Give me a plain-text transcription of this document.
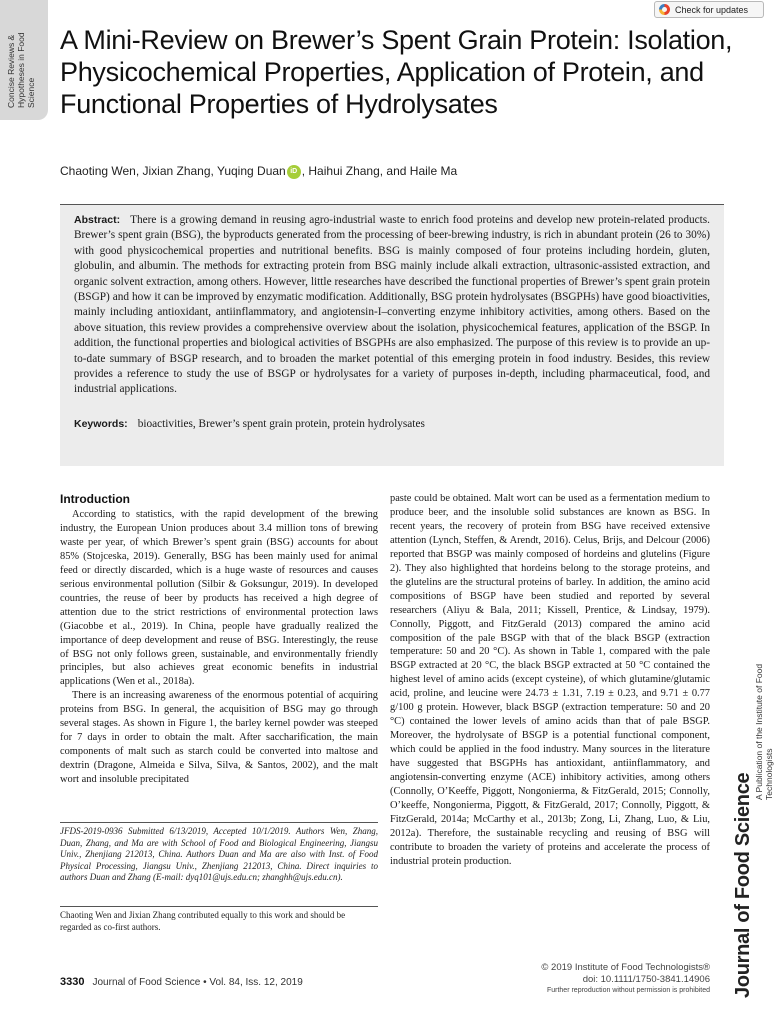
Concise Reviews & Hypotheses in Food Science
Check for updates
A Mini-Review on Brewer’s Spent Grain Protein: Isolation, Physicochemical Properties, Application of Protein, and Functional Properties of Hydrolysates
Chaoting Wen, Jixian Zhang, Yuqing Duan iD , Haihui Zhang, and Haile Ma

Abstract: There is a growing demand in reusing agro-industrial waste to enrich food proteins and develop new protein-related products. Brewer’s spent grain (BSG), the byproducts generated from the processing of beer-brewing industry, is rich in abundant protein (26 to 30%) with good physicochemical properties and nutritional benefits. BSG is mainly composed of four proteins including hordein, gluten, globulin, and albumin. The methods for extracting protein from BSG mainly include alkali extraction, ultrasonic-assisted extraction, and organic solvent extraction, among others. However, little researches have described the functional properties of Brewer’s spent grain protein (BSGP) and how it can be improved by enzymatic modification. Additionally, BSG protein hydrolysates (BSGPHs) have good bioactivities, mainly including antioxidant, antiinflammatory, and angiotensin-I–converting enzyme inhibitory activities, among others. Based on the above situation, this review provides a comprehensive overview about the isolation, physicochemical features, application of the BSGP. In addition, the functional properties and biological activities of BSGPHs are also emphasized. The purpose of this review is to provide an up-to-date summary of BSGP research, and to broaden the market potential of this emerging protein in food industry. Besides, this review provides a reference to study the use of BSGP or hydrolysates for a variety of purposes in-depth, including pharmaceutical, food, and industrial applications.

Keywords: bioactivities, Brewer’s spent grain protein, protein hydrolysates
Introduction

According to statistics, with the rapid development of the brewing industry, the European Union produces about 3.4 million tons of brewing waste per year, of which Brewer’s spent grain (BSG) accounts for about 85% (Stojceska, 2019). Generally, BSG has been mainly used for animal feed or directly discarded, which is a huge waste of resources and causes serious environmental pollution (Silbir & Goksungur, 2019). In developed countries, the reuse of beer by products has received a high degree of attention due to the strict restrictions of environmental protection laws (Giacobbe et al., 2019). In China, people have gradually realized the importance of deep development and reuse of BSG. Interestingly, the reuse of BSG not only follows green, sustainable, and environmentally friendly principles, but also achieves great economic benefits in industrial applications (Wen et al., 2018a).

There is an increasing awareness of the enormous potential of acquiring proteins from BSG. In general, the acquisition of BSG may go through several stages. As shown in Figure 1, the barley kernel powder was steeped for 7 days in order to obtain the malt. After saccharification, the main components of malt such as starch could be converted into maltose and dextrin (Dragone, Almeida e Silva, Silva, & Santos, 2002), and the malt wort and insoluble precipitated

paste could be obtained. Malt wort can be used as a fermentation medium to produce beer, and the insoluble solid substances are known as BSG. In recent years, the recovery of protein from BSG have received extensive attention (Lynch, Steffen, & Arendt, 2016). Celus, Brijs, and Delcour (2006) reported that BSGP was mainly composed of hordeins and glutelins (Figure 2). They also highlighted that hordeins belong to the storage proteins, and the glutelins are the structural proteins of barley. In addition, the amino acid compositions of BSGP have been studied and reported by several researchers (Aliyu & Bala, 2011; Kissell, Prentice, & Lindsay, 1979). Connolly, Piggott, and FitzGerald (2013) compared the amino acid composition of the pale BSGP with that of the black BSGP (extraction temperature: 50 and 20 °C). As shown in Table 1, compared with the pale BSGP extracted at 20 °C, the black BSGP extracted at 50 °C contained the highest level of amino acids (except cysteine), of which glutamine/glutamic acid, proline, and leucine were 24.73 ± 1.31, 7.19 ± 0.23, and 9.71 ± 0.77 g/100 g protein. However, black BSGP (extraction temperature: 50 and 20 °C) contained the lower levels of amino acids than that of pale BSGP. Moreover, the hydrolysate of BSGP is a potential functional component, which could be applied in the food industry. Many sources in the literature have suggested that BSGPHs has antioxidant, antiinflammatory, and angiotensin-converting enzyme (ACE) inhibitory activities, among others (Connolly, O’Keeffe, Piggott, Nongonierma, & FitzGerald, 2015; Connolly, O’keeffe, Nongonierma, Piggott, & FitzGerald, 2017; Connolly, Piggott, & FitzGerald, 2014a; McCarthy et al., 2013b; Zong, Li, Zhang, Luo, & Liu, 2012a). Therefore, the sustainable recycling and reusing of BSG will contribute to broaden the variety of proteins and accelerate the process of industrial protein production.

JFDS-2019-0936 Submitted 6/13/2019, Accepted 10/1/2019. Authors Wen, Zhang, Duan, Zhang, and Ma are with School of Food and Biological Engineering, Jiangsu Univ., Zhenjiang 212013, China. Authors Duan and Ma are also with Inst. of Food Physical Processing, Jiangsu Univ., Zhenjiang 212013, China. Direct inquiries to authors Duan and Zhang (E-mail: dyq101@ujs.edu.cn; zhanghh@ujs.edu.cn).
Chaoting Wen and Jixian Zhang contributed equally to this work and should be regarded as co-first authors.
A Publication of the Institute of Food Technologists
Journal of Food Science
3330 Journal of Food Science • Vol. 84, Iss. 12, 2019
© 2019 Institute of Food Technologists®
doi: 10.1111/1750-3841.14906
Further reproduction without permission is prohibited
